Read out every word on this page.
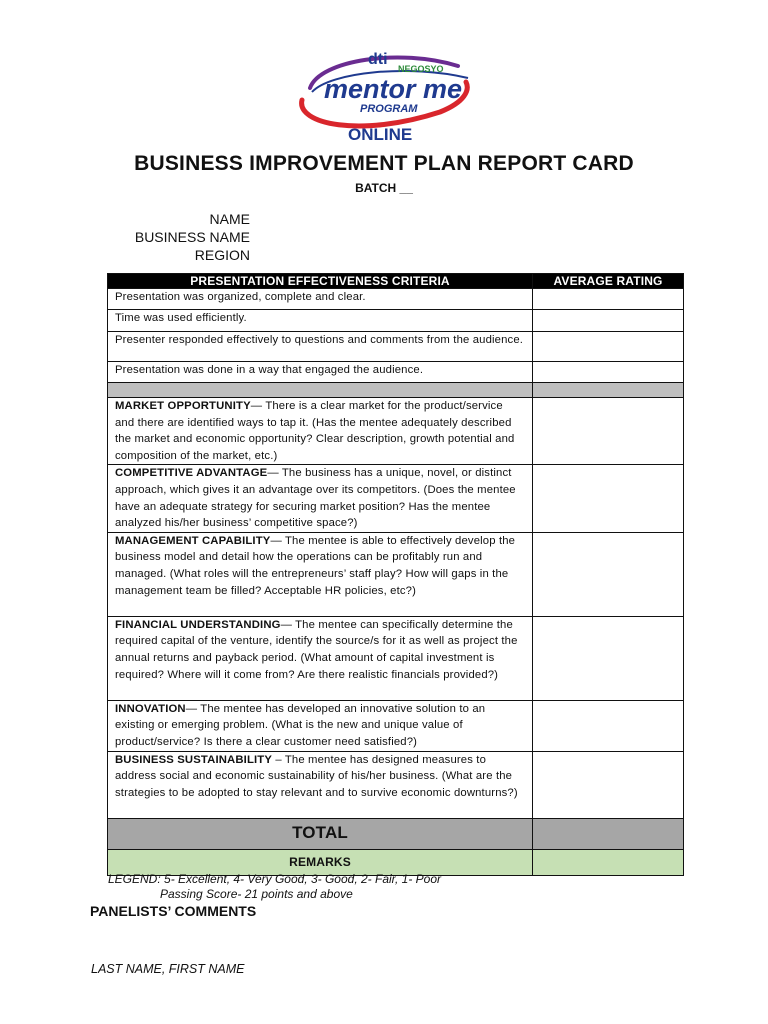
dti
NEGOSYO
mentor me
PROGRAM
ONLINE
BUSINESS IMPROVEMENT PLAN REPORT CARD
BATCH __
NAME
BUSINESS NAME
REGION
PRESENTATION EFFECTIVENESS CRITERIA	AVERAGE RATING
Presentation was organized, complete and clear.	
Time was used efficiently.	
Presenter responded effectively to questions and comments from the audience.	
Presentation was done in a way that engaged the audience.	

MARKET OPPORTUNITY— There is a clear market for the product/service and there are identified ways to tap it. (Has the mentee adequately described the market and economic opportunity? Clear description, growth potential and composition of the market, etc.)	
COMPETITIVE ADVANTAGE— The business has a unique, novel, or distinct approach, which gives it an advantage over its competitors. (Does the mentee have an adequate strategy for securing market position? Has the mentee analyzed his/her business’ competitive space?)	
MANAGEMENT CAPABILITY— The mentee is able to effectively develop the business model and detail how the operations can be profitably run and managed. (What roles will the entrepreneurs’ staff play? How will gaps in the management team be filled? Acceptable HR policies, etc?)	
FINANCIAL UNDERSTANDING— The mentee can specifically determine the required capital of the venture, identify the source/s for it as well as project the annual returns and payback period. (What amount of capital investment is required? Where will it come from? Are there realistic financials provided?)	
INNOVATION— The mentee has developed an innovative solution to an existing or emerging problem. (What is the new and unique value of product/service? Is there a clear customer need satisfied?)	
BUSINESS SUSTAINABILITY – The mentee has designed measures to address social and economic sustainability of his/her business. (What are the strategies to be adopted to stay relevant and to survive economic downturns?)	
TOTAL	
REMARKS	
LEGEND: 5- Excellent, 4- Very Good, 3- Good, 2- Fair, 1- Poor
Passing Score- 21 points and above
PANELISTS’ COMMENTS
LAST NAME, FIRST NAME
